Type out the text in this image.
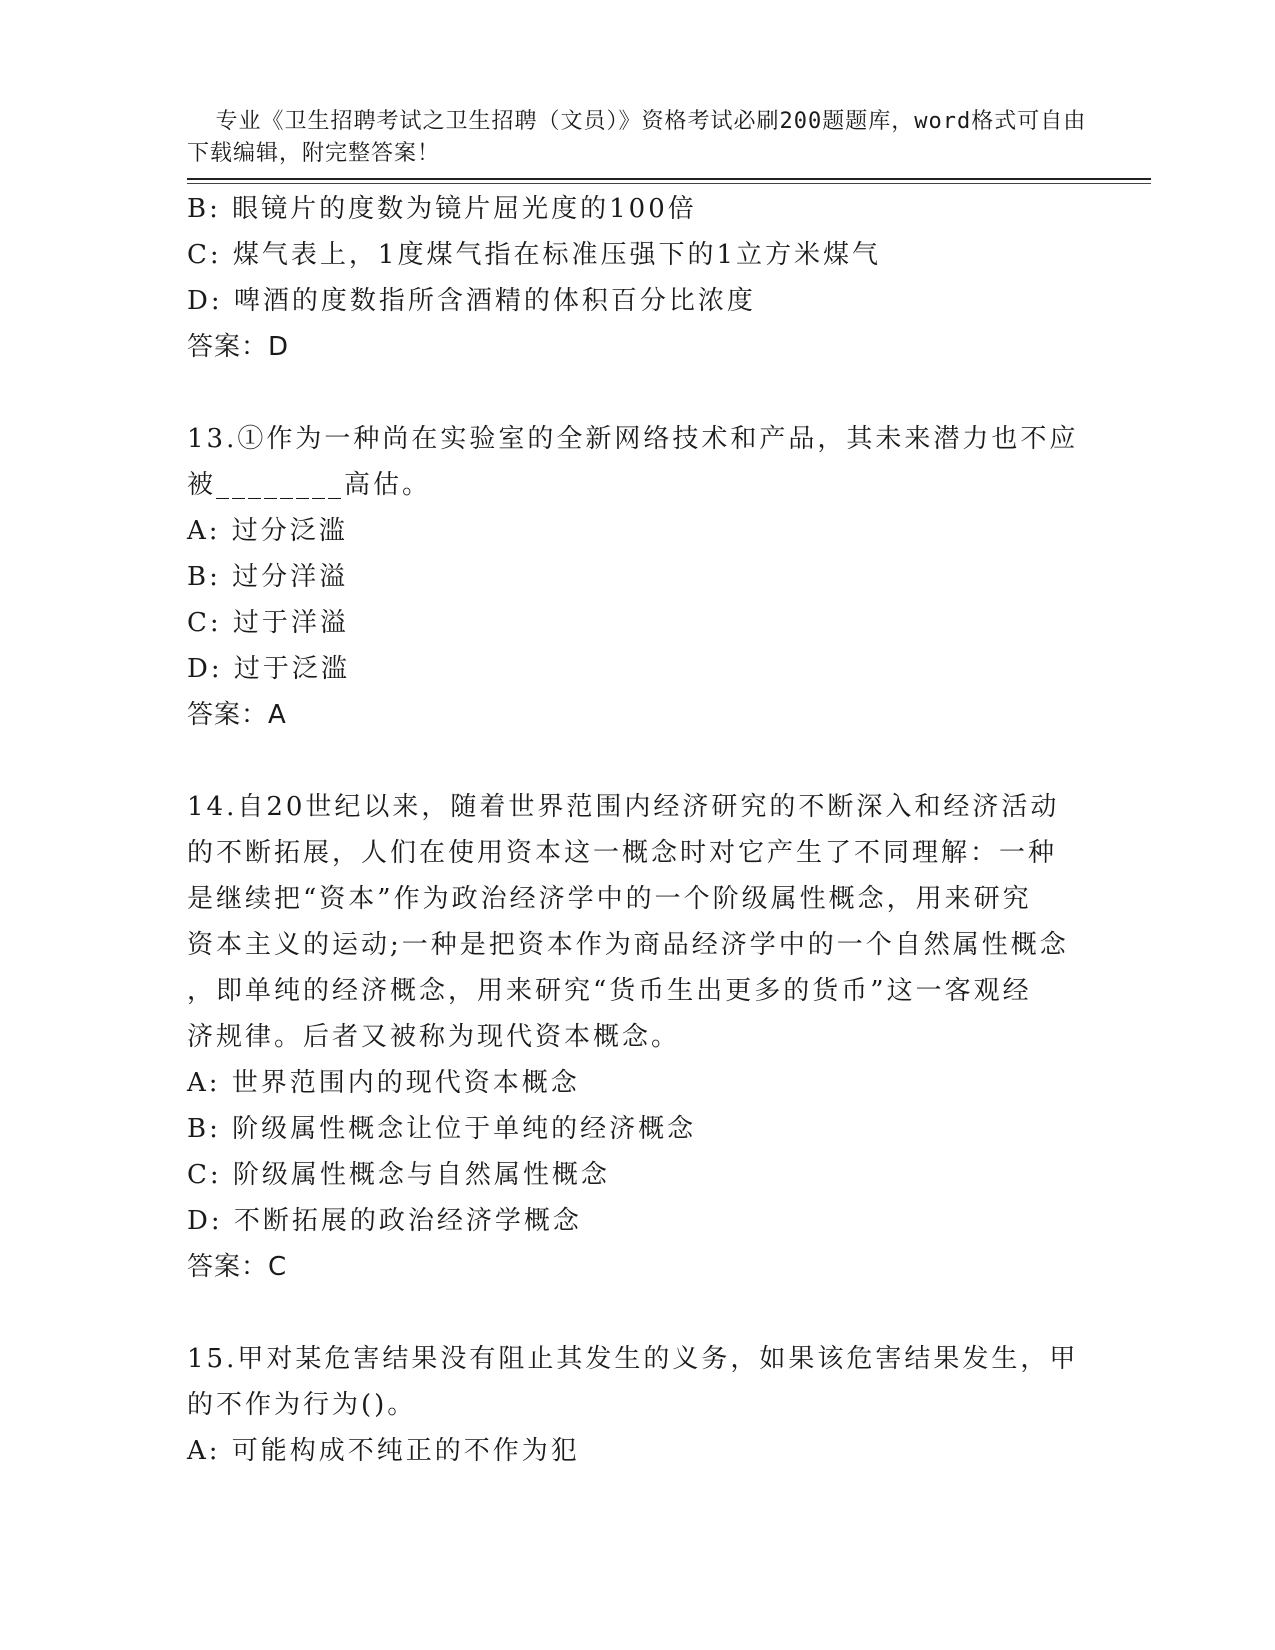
专业《卫生招聘考试之卫生招聘（文员）》资格考试必刷200题题库，word格式可自由下载编辑，附完整答案！

B: 眼镜片的度数为镜片屈光度的100倍
C: 煤气表上，1度煤气指在标准压强下的1立方米煤气
D: 啤酒的度数指所含酒精的体积百分比浓度
答案：D
13.①作为一种尚在实验室的全新网络技术和产品，其未来潜力也不应
被________高估。
A: 过分泛滥
B: 过分洋溢
C: 过于洋溢
D: 过于泛滥
答案：A
14.自20世纪以来，随着世界范围内经济研究的不断深入和经济活动
的不断拓展，人们在使用资本这一概念时对它产生了不同理解：一种
是继续把“资本”作为政治经济学中的一个阶级属性概念，用来研究
资本主义的运动;一种是把资本作为商品经济学中的一个自然属性概念
，即单纯的经济概念，用来研究“货币生出更多的货币”这一客观经
济规律。后者又被称为现代资本概念。
A: 世界范围内的现代资本概念
B: 阶级属性概念让位于单纯的经济概念
C: 阶级属性概念与自然属性概念
D: 不断拓展的政治经济学概念
答案：C
15.甲对某危害结果没有阻止其发生的义务，如果该危害结果发生，甲
的不作为行为()。
A: 可能构成不纯正的不作为犯
